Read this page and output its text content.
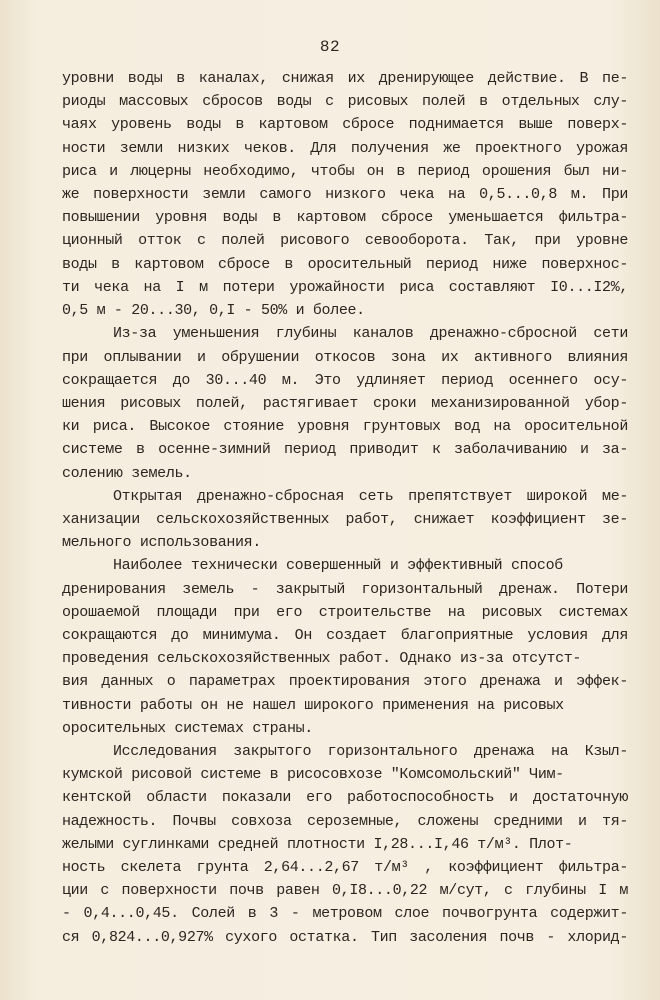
82
уровни воды в каналах, снижая их дренирующее действие. В пе-
риоды массовых сбросов воды с рисовых полей в отдельных слу-
чаях уровень воды в картовом сбросе поднимается выше поверх-
ности земли низких чеков. Для получения же проектного урожая
риса и люцерны необходимо, чтобы он в период орошения был ни-
же поверхности земли самого низкого чека на 0,5...0,8 м. При
повышении уровня воды в картовом сбросе уменьшается фильтра-
ционный отток с полей рисового севооборота. Так, при уровне
воды в картовом сбросе в оросительный период ниже поверхнос-
ти чека на I м потери урожайности риса составляют I0...I2%,
0,5 м - 20...30, 0,I - 50% и более.
Из-за уменьшения глубины каналов дренажно-сбросной сети
при оплывании и обрушении откосов зона их активного влияния
сокращается до 30...40 м. Это удлиняет период осеннего осу-
шения рисовых полей, растягивает сроки механизированной убор-
ки риса. Высокое стояние уровня грунтовых вод на оросительной
системе в осенне-зимний период приводит к заболачиванию и за-
солению земель.
Открытая дренажно-сбросная сеть препятствует широкой ме-
ханизации сельскохозяйственных работ, снижает коэффициент зе-
мельного использования.
Наиболее технически совершенный и эффективный способ
дренирования земель - закрытый горизонтальный дренаж. Потери
орошаемой площади при его строительстве на рисовых системах
сокращаются до минимума. Он создает благоприятные условия для
проведения сельскохозяйственных работ. Однако из-за отсутст-
вия данных о параметрах проектирования этого дренажа и эффек-
тивности работы он не нашел широкого применения на рисовых
оросительных системах страны.
Исследования закрытого горизонтального дренажа на Кзыл-
кумской рисовой системе в рисосовхозе "Комсомольский" Чим-
кентской области показали его работоспособность и достаточную
надежность. Почвы совхоза сероземные, сложены средними и тя-
желыми суглинками средней плотности I,28...I,46 т/м³. Плот-
ность скелета грунта 2,64...2,67 т/м³ , коэффициент фильтра-
ции с поверхности почв равен 0,I8...0,22 м/сут, с глубины I м
- 0,4...0,45. Солей в 3 - метровом слое почвогрунта содержит-
ся 0,824...0,927% сухого остатка. Тип засоления почв - хлорид-
